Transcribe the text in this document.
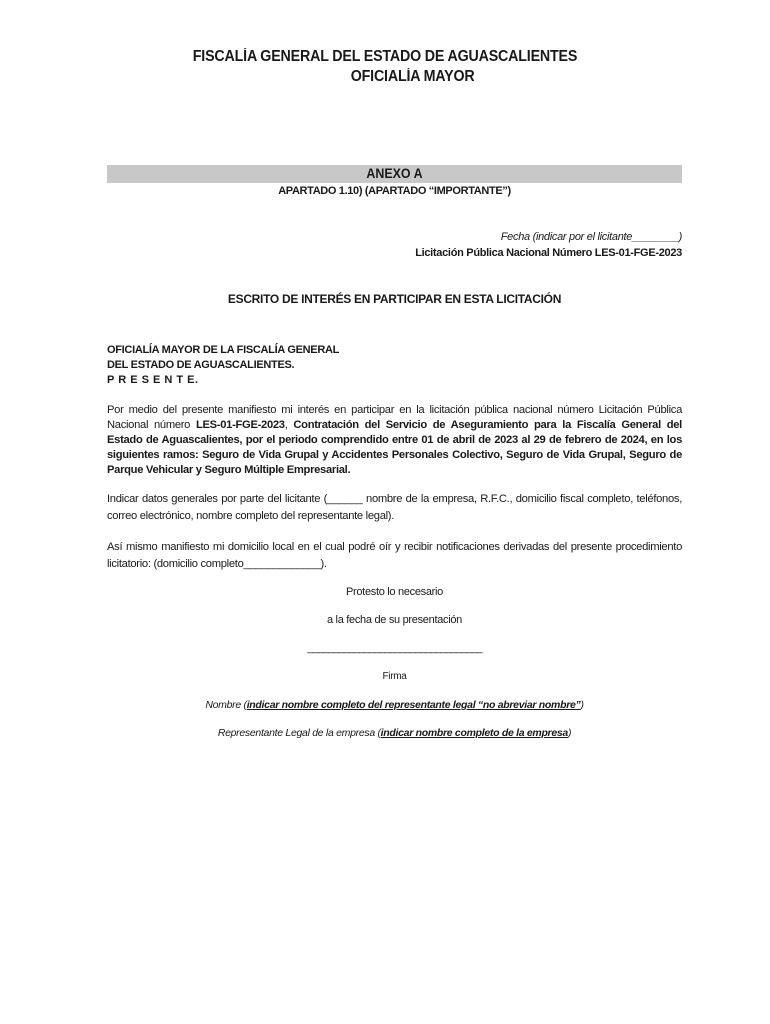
FISCALÍA GENERAL DEL ESTADO DE AGUASCALIENTES
OFICIALÍA MAYOR
ANEXO A
APARTADO 1.10) (APARTADO “IMPORTANTE”)
Fecha (indicar por el licitante________)
Licitación Pública Nacional Número LES-01-FGE-2023
ESCRITO DE INTERÉS EN PARTICIPAR EN ESTA LICITACIÓN
OFICIALÍA MAYOR DE LA FISCALÍA GENERAL
DEL ESTADO DE AGUASCALIENTES.
P R E S E N T E.
Por medio del presente manifiesto mi interés en participar en la licitación pública nacional número Licitación Pública Nacional número LES-01-FGE-2023, Contratación del Servicio de Aseguramiento para la Fiscalía General del Estado de Aguascalientes, por el periodo comprendido entre 01 de abril de 2023 al 29 de febrero de 2024, en los siguientes ramos: Seguro de Vida Grupal y Accidentes Personales Colectivo, Seguro de Vida Grupal, Seguro de Parque Vehicular y Seguro Múltiple Empresarial.
Indicar datos generales por parte del licitante (______ nombre de la empresa, R.F.C., domicilio fiscal completo, teléfonos, correo electrónico, nombre completo del representante legal).
Así mismo manifiesto mi domicilio local en el cual podré oír y recibir notificaciones derivadas del presente procedimiento licitatorio: (domicilio completo_____________).
Protesto lo necesario
a la fecha de su presentación
__________________________________
Firma
Nombre (indicar nombre completo del representante legal “no abreviar nombre”)
Representante Legal de la empresa (indicar nombre completo de la empresa)
